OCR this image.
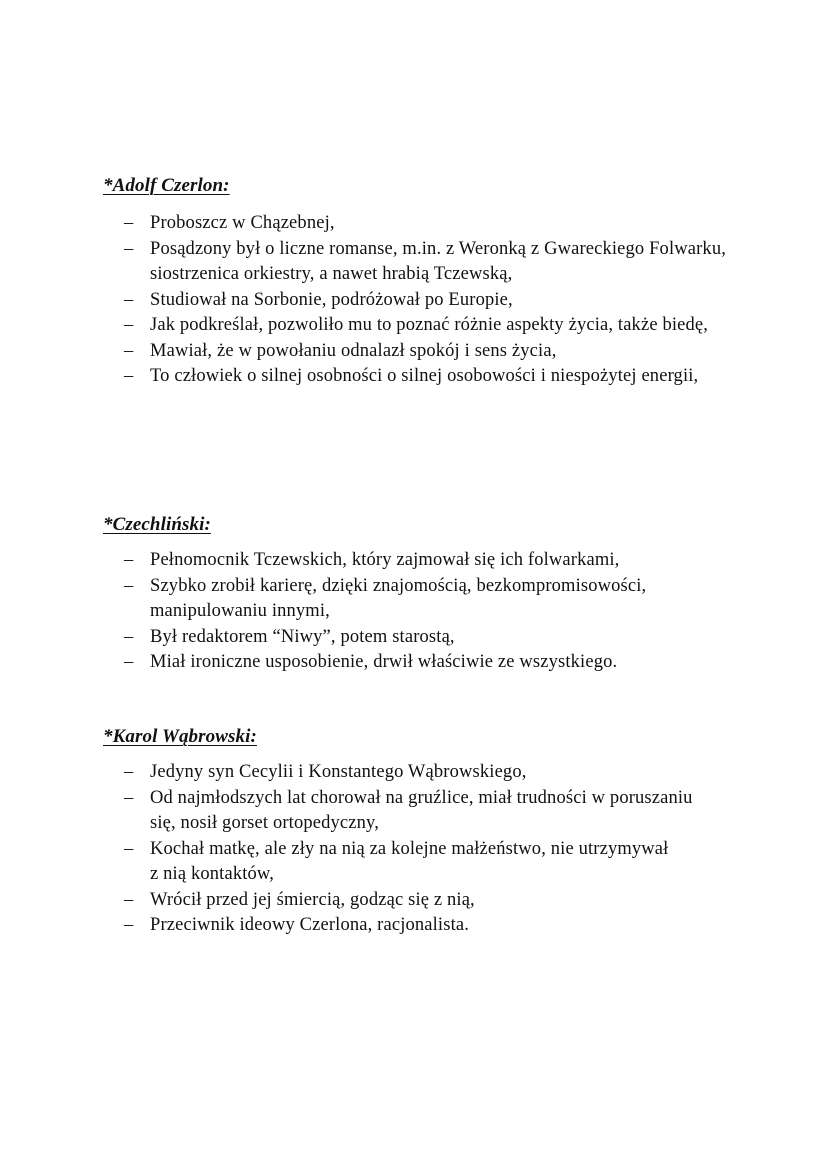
*Adolf Czerlon:
– Proboszcz w Chązebnej,
– Posądzony był o liczne romanse, m.in. z Weronką z Gwareckiego Folwarku, siostrzenica orkiestry, a nawet hrabią Tczewską,
– Studiował na Sorbonie, podróżował po Europie,
– Jak podkreślał, pozwoliło mu to poznać różnie aspekty życia, także biedę,
– Mawiał, że w powołaniu odnalazł spokój i sens życia,
– To człowiek o silnej osobności o silnej osobowości i niespożytej energii,
*Czechliński:
– Pełnomocnik Tczewskich, który zajmował się ich folwarkami,
– Szybko zrobił karierę, dzięki znajomością, bezkompromisowości, manipulowaniu innymi,
– Był redaktorem “Niwy”, potem starostą,
– Miał ironiczne usposobienie, drwił właściwie ze wszystkiego.
*Karol Wąbrowski:
– Jedyny syn Cecylii i Konstantego Wąbrowskiego,
– Od najmłodszych lat chorował na gruźlice, miał trudności w poruszaniu się, nosił gorset ortopedyczny,
– Kochał matkę, ale zły na nią za kolejne małżeństwo, nie utrzymywał z nią kontaktów,
– Wrócił przed jej śmiercią, godząc się z nią,
– Przeciwnik ideowy Czerlona, racjonalista.
